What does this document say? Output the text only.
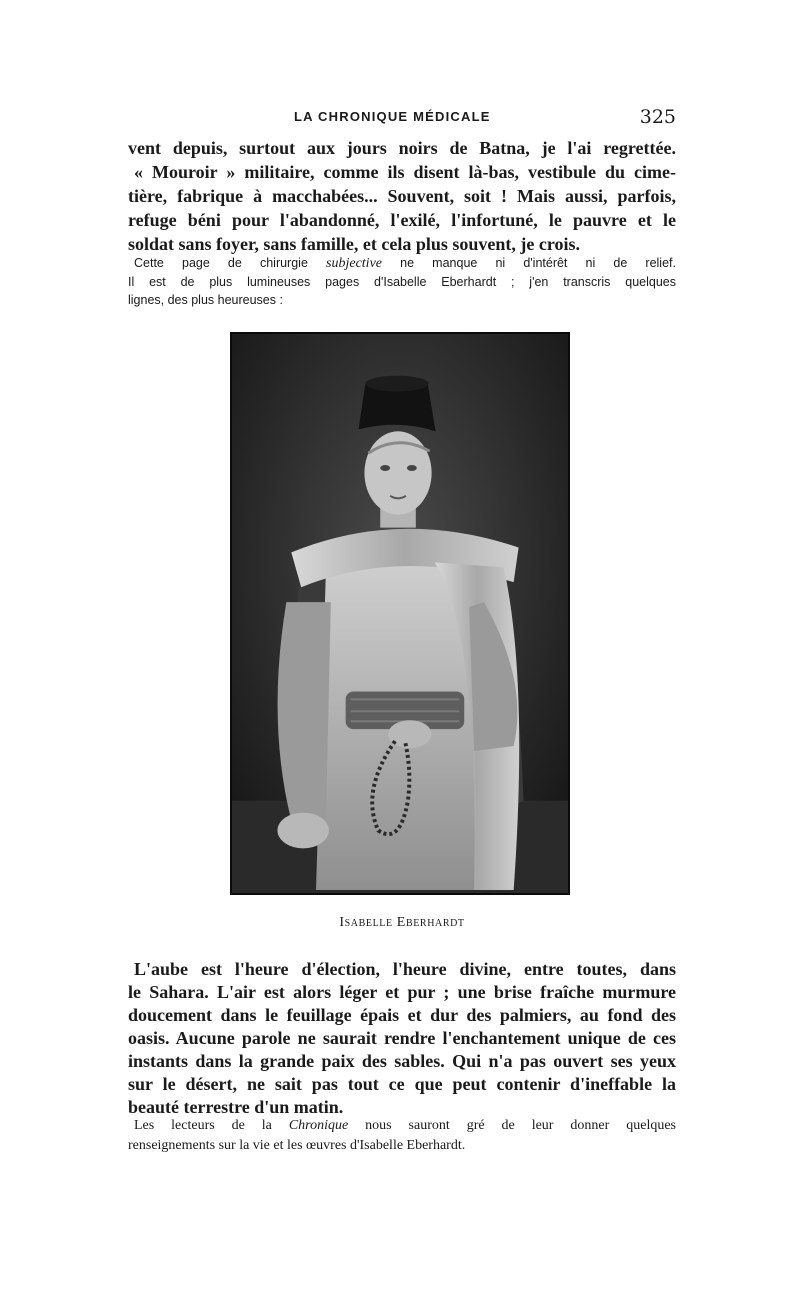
LA CHRONIQUE MÉDICALE	325

vent depuis, surtout aux jours noirs de Batna, je l'ai regrettée.
« Mouroir » militaire, comme ils disent là-bas, vestibule du cime-
tière, fabrique à macchabées... Souvent, soit ! Mais aussi, parfois,
refuge béni pour l'abandonné, l'exilé, l'infortuné, le pauvre et le
soldat sans foyer, sans famille, et cela plus souvent, je crois.

Cette page de chirurgie subjective ne manque ni d'intérêt ni de relief.
Il est de plus lumineuses pages d'Isabelle Eberhardt ; j'en transcris quelques
lignes, des plus heureuses :

Isabelle Eberhardt

L'aube est l'heure d'élection, l'heure divine, entre toutes, dans
le Sahara. L'air est alors léger et pur ; une brise fraîche murmure
doucement dans le feuillage épais et dur des palmiers, au fond des
oasis. Aucune parole ne saurait rendre l'enchantement unique de ces
instants dans la grande paix des sables. Qui n'a pas ouvert ses yeux
sur le désert, ne sait pas tout ce que peut contenir d'ineffable la
beauté terrestre d'un matin.

Les lecteurs de la Chronique nous sauront gré de leur donner quelques
renseignements sur la vie et les œuvres d'Isabelle Eberhardt.
